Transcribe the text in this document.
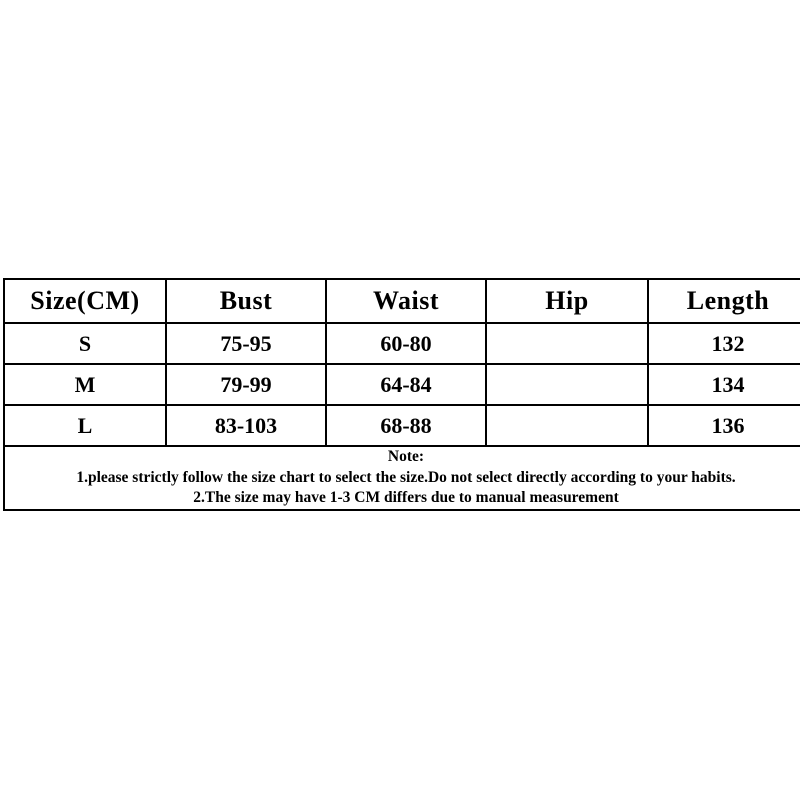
Size(CM)	Bust	Waist	Hip	Length
S	75-95	60-80		132
M	79-99	64-84		134
L	83-103	68-88		136

Note:
1.please strictly follow the size chart to select the size.Do not select directly according to your habits.
2.The size may have 1-3 CM differs due to manual measurement				
